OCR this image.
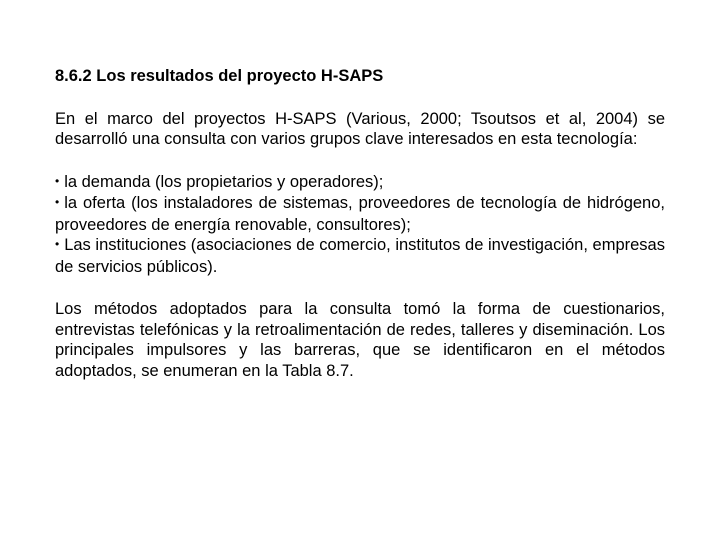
8.6.2 Los resultados del proyecto H-SAPS

En el marco del proyectos H-SAPS (Various, 2000; Tsoutsos et al, 2004) se desarrolló una consulta con varios grupos clave interesados en esta tecnología:

• la demanda (los propietarios y operadores);
• la oferta (los instaladores de sistemas, proveedores de tecnología de hidrógeno, proveedores de energía renovable, consultores);
• Las instituciones (asociaciones de comercio, institutos de investigación, empresas de servicios públicos).

Los métodos adoptados para la consulta tomó la forma de cuestionarios, entrevistas telefónicas y la retroalimentación de redes, talleres y diseminación. Los principales impulsores y las barreras, que se identificaron en el métodos adoptados, se enumeran en la Tabla 8.7.
